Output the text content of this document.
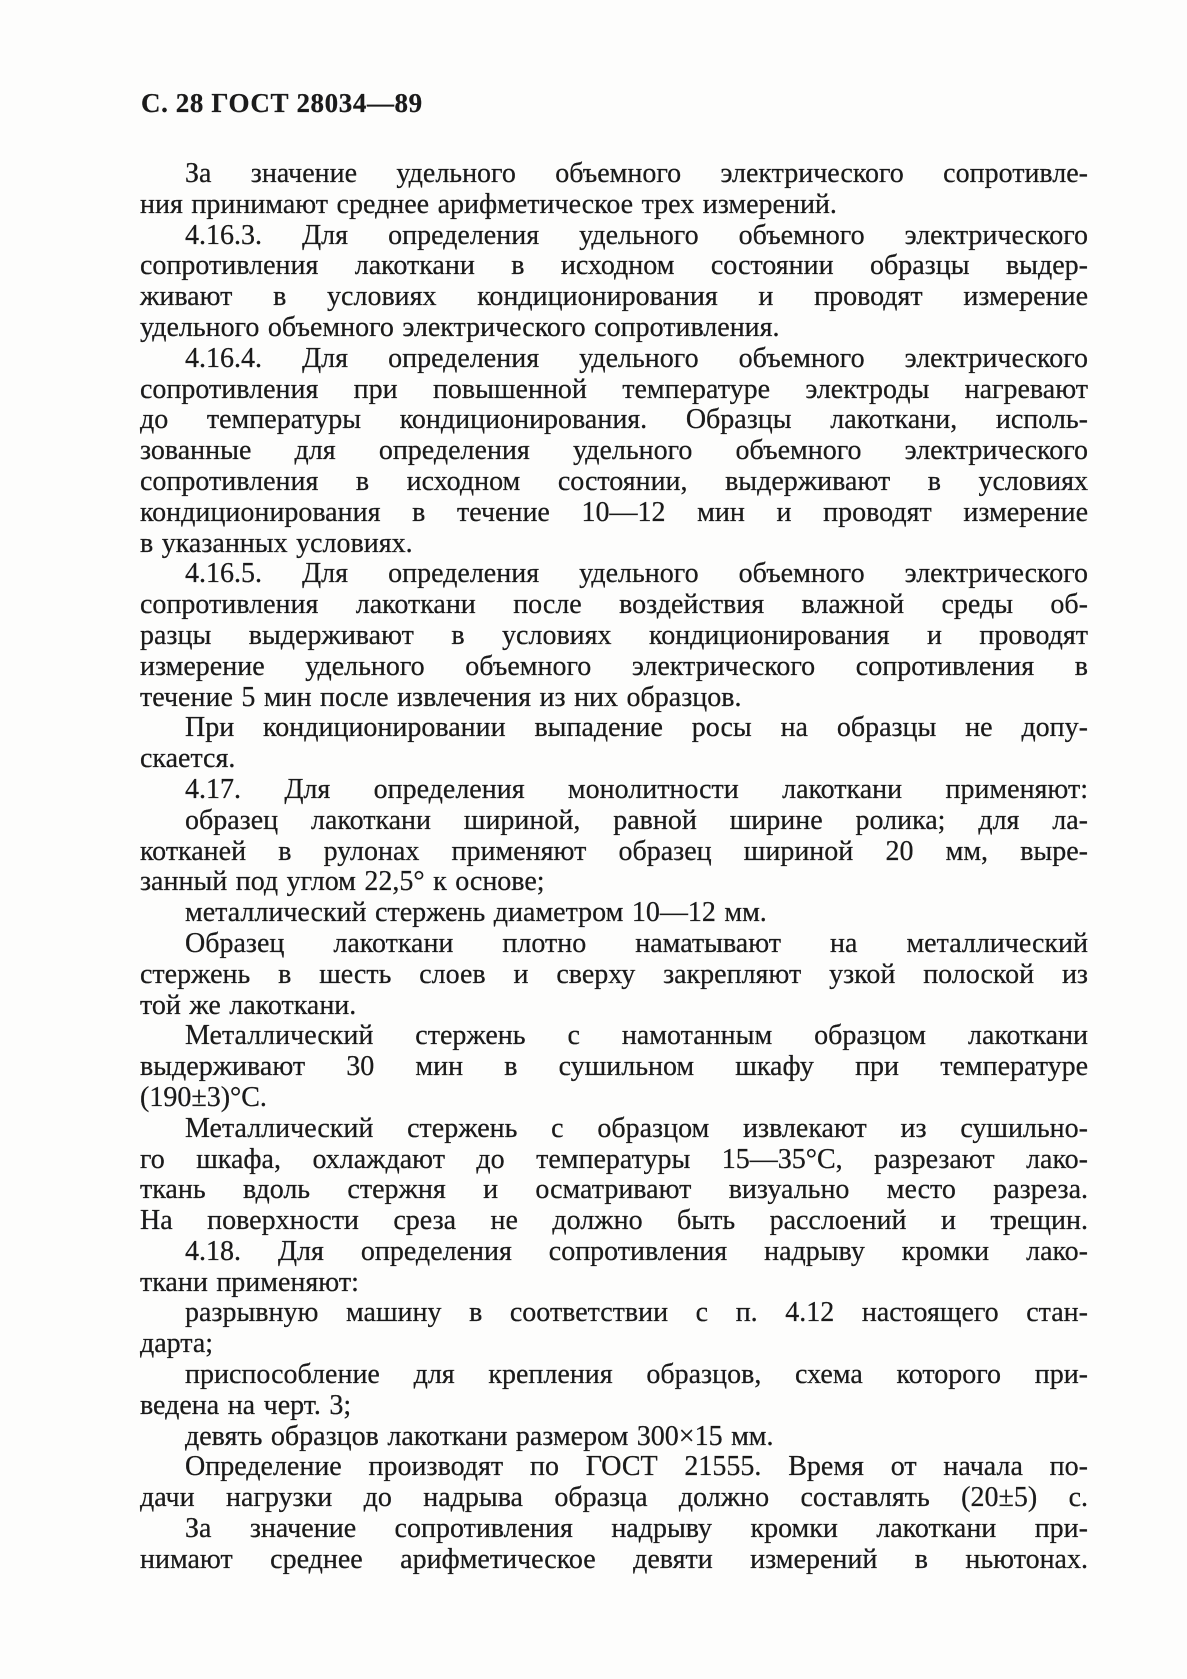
С. 28 ГОСТ 28034—89
За значение удельного объемного электрического сопротивле-
ния принимают среднее арифметическое трех измерений.
4.16.3. Для определения удельного объемного электрического
сопротивления лакоткани в исходном состоянии образцы выдер-
живают в условиях кондиционирования и проводят измерение
удельного объемного электрического сопротивления.
4.16.4. Для определения удельного объемного электрического
сопротивления при повышенной температуре электроды нагревают
до температуры кондиционирования. Образцы лакоткани, исполь-
зованные для определения удельного объемного электрического
сопротивления в исходном состоянии, выдерживают в условиях
кондиционирования в течение 10—12 мин и проводят измерение
в указанных условиях.
4.16.5. Для определения удельного объемного электрического
сопротивления лакоткани после воздействия влажной среды об-
разцы выдерживают в условиях кондиционирования и проводят
измерение удельного объемного электрического сопротивления в
течение 5 мин после извлечения из них образцов.
При кондиционировании выпадение росы на образцы не допу-
скается.
4.17. Для определения монолитности лакоткани применяют:
образец лакоткани шириной, равной ширине ролика; для ла-
котканей в рулонах применяют образец шириной 20 мм, выре-
занный под углом 22,5° к основе;
металлический стержень диаметром 10—12 мм.
Образец лакоткани плотно наматывают на металлический
стержень в шесть слоев и сверху закрепляют узкой полоской из
той же лакоткани.
Металлический стержень с намотанным образцом лакоткани
выдерживают 30 мин в сушильном шкафу при температуре
(190±3)°С.
Металлический стержень с образцом извлекают из сушильно-
го шкафа, охлаждают до температуры 15—35°С, разрезают лако-
ткань вдоль стержня и осматривают визуально место разреза.
На поверхности среза не должно быть расслоений и трещин.
4.18. Для определения сопротивления надрыву кромки лако-
ткани применяют:
разрывную машину в соответствии с п. 4.12 настоящего стан-
дарта;
приспособление для крепления образцов, схема которого при-
ведена на черт. 3;
девять образцов лакоткани размером 300×15 мм.
Определение производят по ГОСТ 21555. Время от начала по-
дачи нагрузки до надрыва образца должно составлять (20±5) с.
За значение сопротивления надрыву кромки лакоткани при-
нимают среднее арифметическое девяти измерений в ньютонах.
